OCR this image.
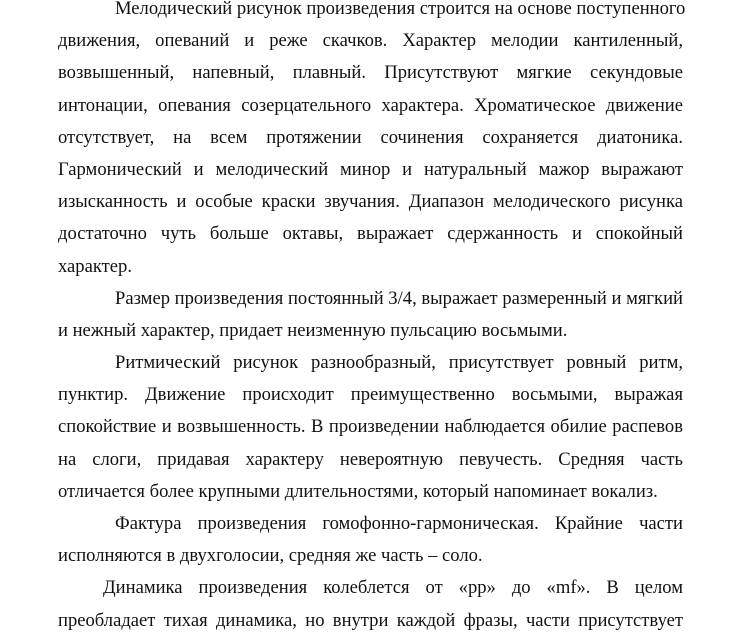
Мелодический рисунок произведения строится на основе поступенного
движения, опеваний и реже скачков. Характер мелодии кантиленный,
возвышенный, напевный, плавный. Присутствуют мягкие секундовые
интонации, опевания созерцательного характера. Хроматическое движение
отсутствует, на всем протяжении сочинения сохраняется диатоника.
Гармонический и мелодический минор и натуральный мажор выражают
изысканность и особые краски звучания. Диапазон мелодического рисунка
достаточно чуть больше октавы, выражает сдержанность и спокойный
характер.
Размер произведения постоянный 3/4, выражает размеренный и мягкий
и нежный характер, придает неизменную пульсацию восьмыми.
Ритмический рисунок разнообразный, присутствует ровный ритм,
пунктир. Движение происходит преимущественно восьмыми, выражая
спокойствие и возвышенность. В произведении наблюдается обилие распевов
на слоги, придавая характеру невероятную певучесть. Средняя часть
отличается более крупными длительностями, который напоминает вокализ.
Фактура произведения гомофонно-гармоническая. Крайние части
исполняются в двухголосии, средняя же часть – соло.
Динамика произведения колеблется от «pp» до «mf». В целом
преобладает тихая динамика, но внутри каждой фразы, части присутствует
